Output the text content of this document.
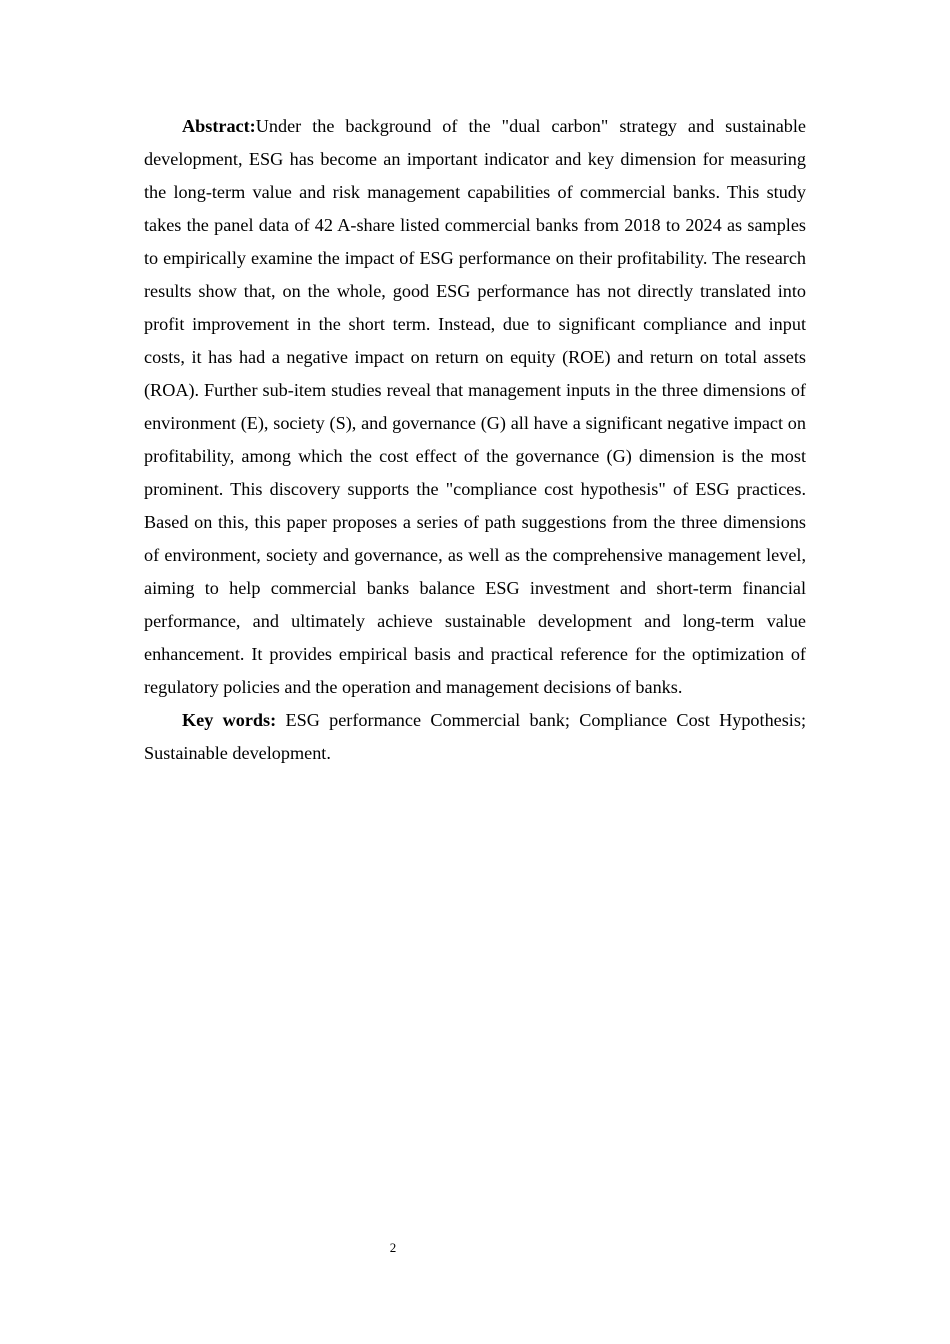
Abstract:Under the background of the "dual carbon" strategy and sustainable development, ESG has become an important indicator and key dimension for measuring the long-term value and risk management capabilities of commercial banks. This study takes the panel data of 42 A-share listed commercial banks from 2018 to 2024 as samples to empirically examine the impact of ESG performance on their profitability. The research results show that, on the whole, good ESG performance has not directly translated into profit improvement in the short term. Instead, due to significant compliance and input costs, it has had a negative impact on return on equity (ROE) and return on total assets (ROA). Further sub-item studies reveal that management inputs in the three dimensions of environment (E), society (S), and governance (G) all have a significant negative impact on profitability, among which the cost effect of the governance (G) dimension is the most prominent. This discovery supports the "compliance cost hypothesis" of ESG practices. Based on this, this paper proposes a series of path suggestions from the three dimensions of environment, society and governance, as well as the comprehensive management level, aiming to help commercial banks balance ESG investment and short-term financial performance, and ultimately achieve sustainable development and long-term value enhancement. It provides empirical basis and practical reference for the optimization of regulatory policies and the operation and management decisions of banks.

Key words: ESG performance Commercial bank; Compliance Cost Hypothesis; Sustainable development.

2
